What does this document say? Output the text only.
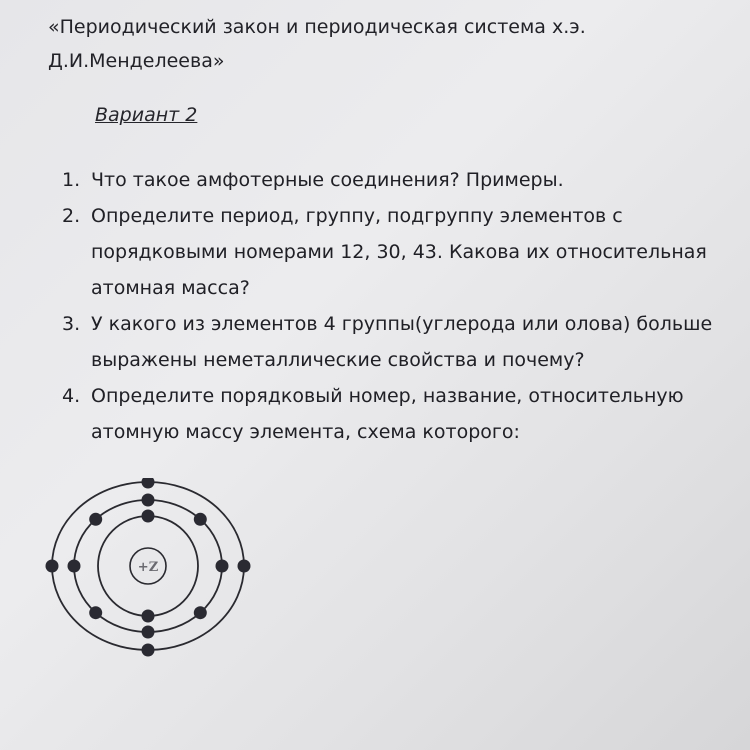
«Периодический закон и периодическая система х.э.
Д.И.Менделеева»
Вариант 2
1. Что такое амфотерные соединения? Примеры.
2. Определите период, группу, подгруппу элементов с
порядковыми номерами 12, 30, 43. Какова их относительная
атомная масса?
3. У какого из элементов 4 группы(углерода или олова) больше
выражены неметаллические свойства и почему?
4. Определите порядковый номер, название, относительную
атомную массу элемента, схема которого:
+Z
